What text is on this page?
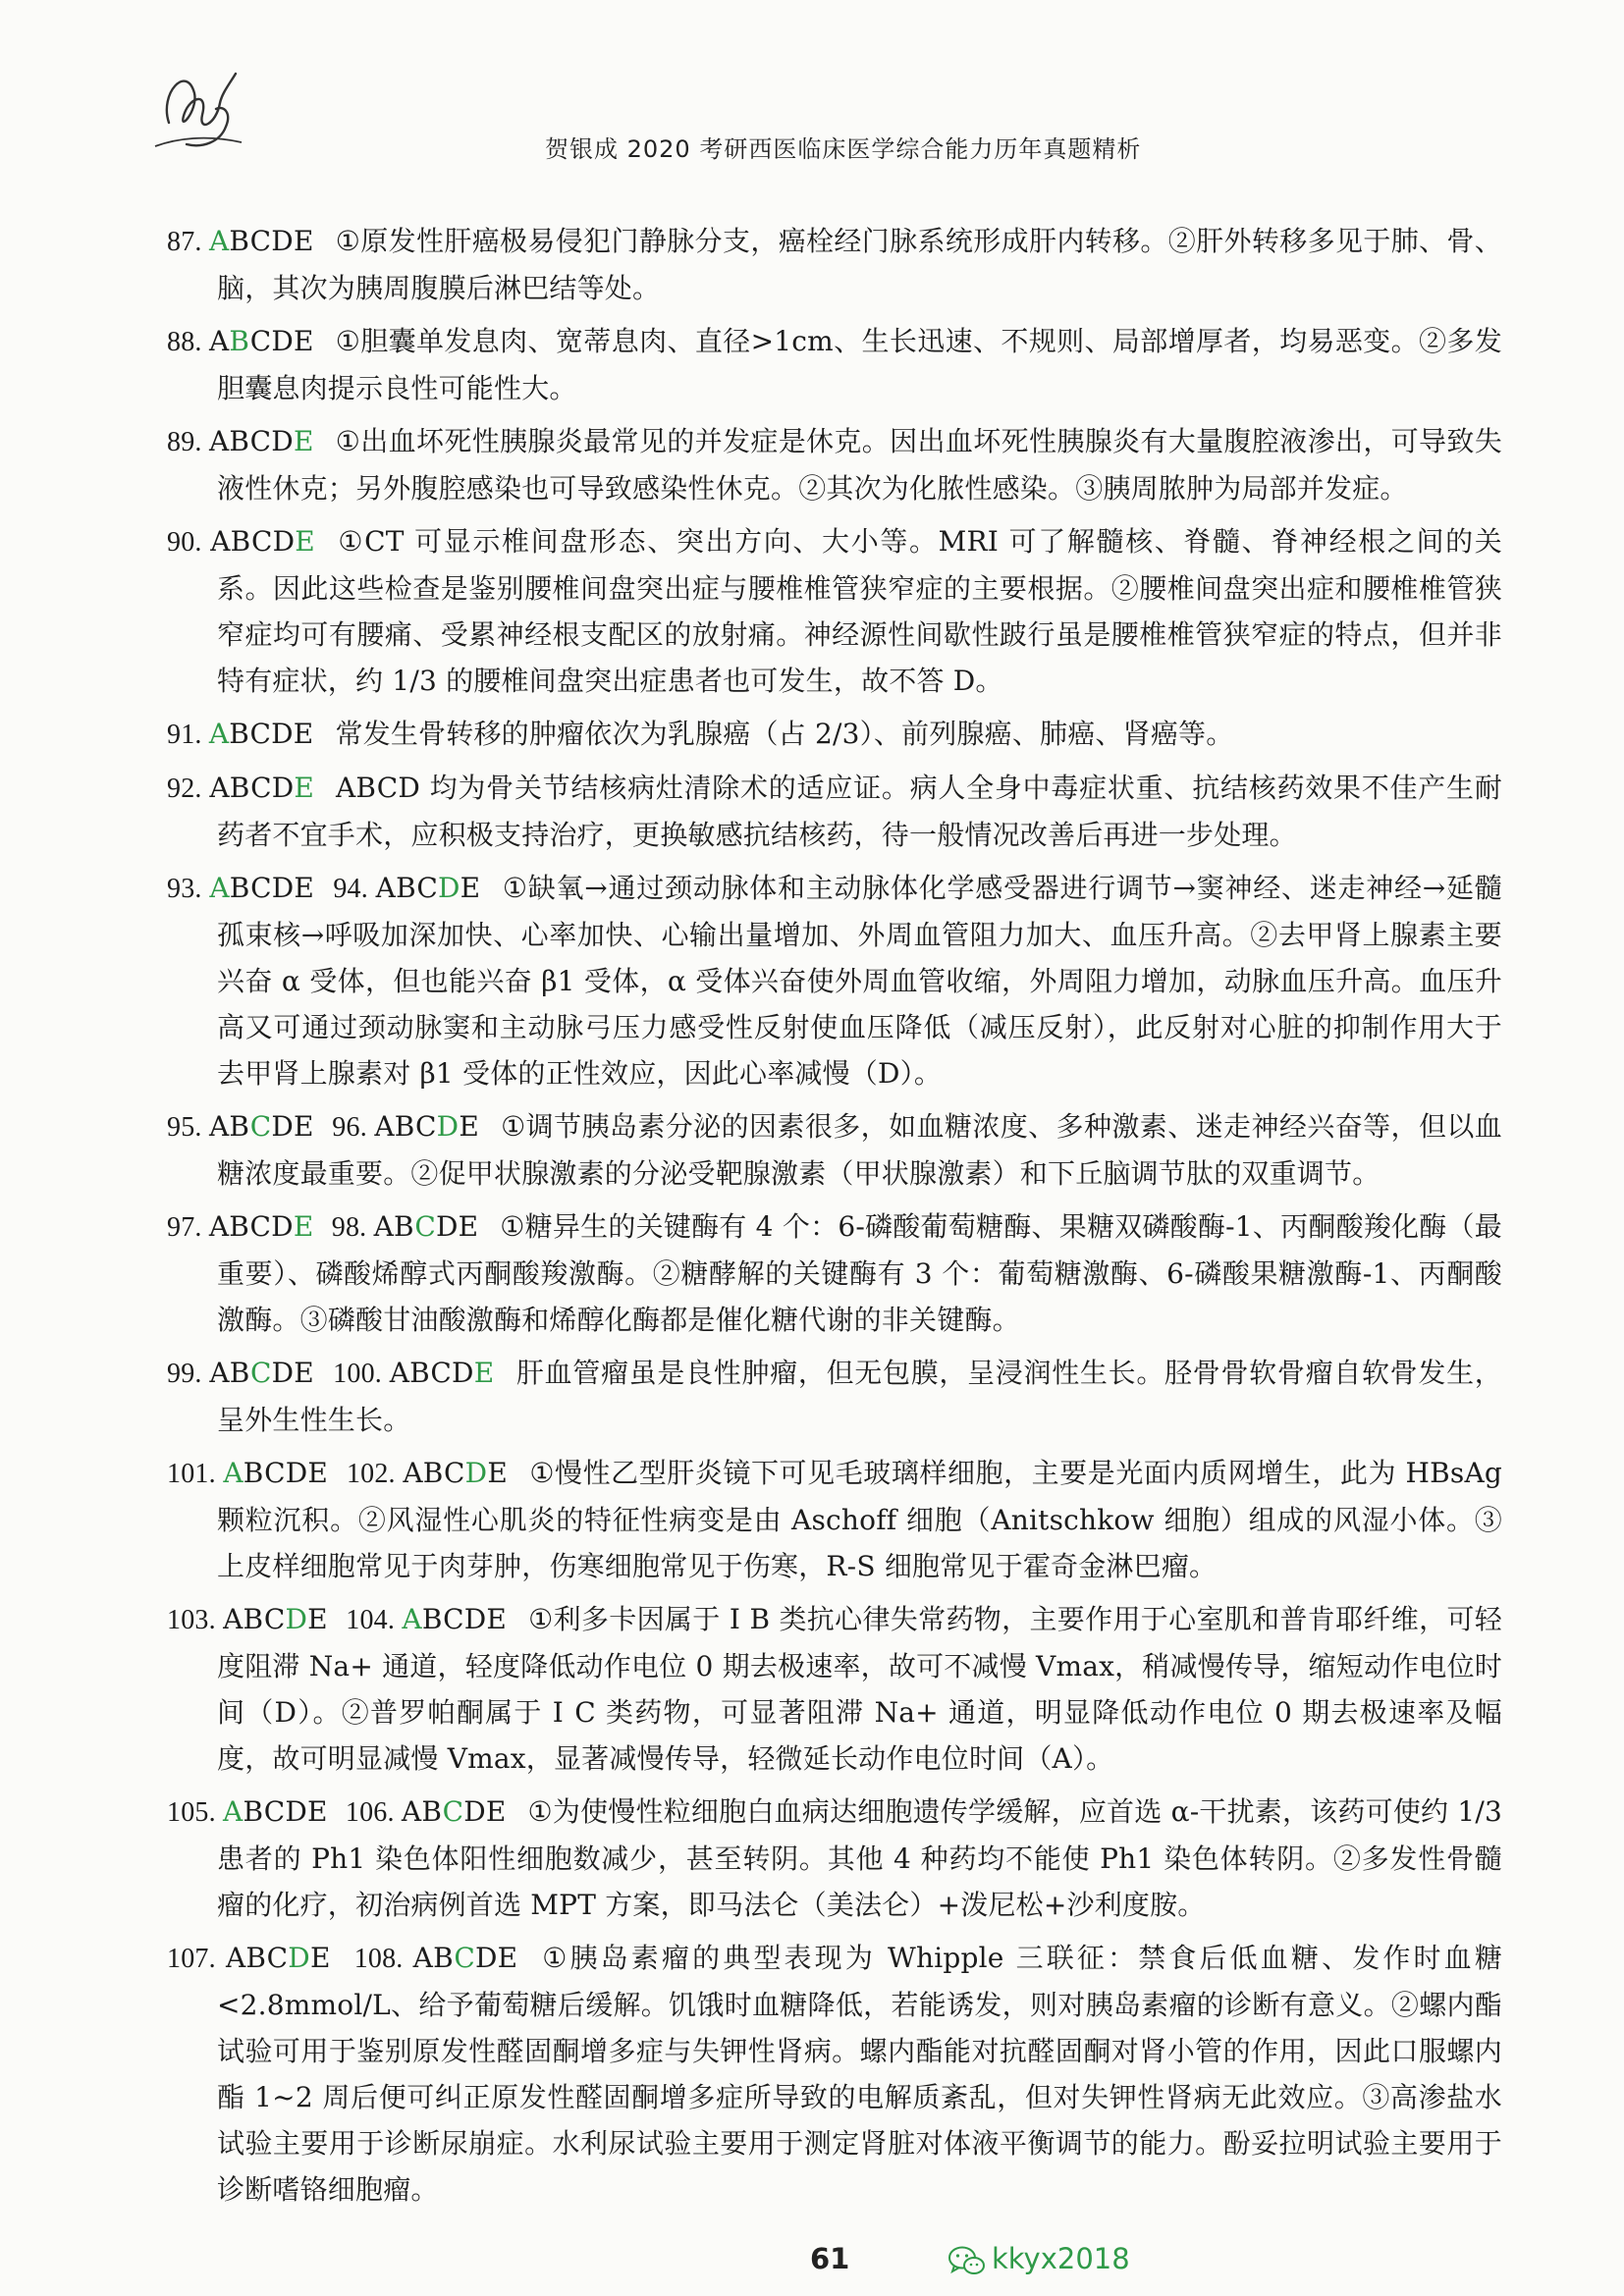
贺银成 2020 考研西医临床医学综合能力历年真题精析

87. ABCDE ①原发性肝癌极易侵犯门静脉分支，癌栓经门脉系统形成肝内转移。②肝外转移多见于肺、骨、脑，其次为胰周腹膜后淋巴结等处。

88. ABCDE ①胆囊单发息肉、宽蒂息肉、直径>1cm、生长迅速、不规则、局部增厚者，均易恶变。②多发胆囊息肉提示良性可能性大。

89. ABCDE ①出血坏死性胰腺炎最常见的并发症是休克。因出血坏死性胰腺炎有大量腹腔液渗出，可导致失液性休克；另外腹腔感染也可导致感染性休克。②其次为化脓性感染。③胰周脓肿为局部并发症。

90. ABCDE ①CT 可显示椎间盘形态、突出方向、大小等。MRI 可了解髓核、脊髓、脊神经根之间的关系。因此这些检查是鉴别腰椎间盘突出症与腰椎椎管狭窄症的主要根据。②腰椎间盘突出症和腰椎椎管狭窄症均可有腰痛、受累神经根支配区的放射痛。神经源性间歇性跛行虽是腰椎椎管狭窄症的特点，但并非特有症状，约 1/3 的腰椎间盘突出症患者也可发生，故不答 D。

91. ABCDE 常发生骨转移的肿瘤依次为乳腺癌（占 2/3）、前列腺癌、肺癌、肾癌等。

92. ABCDE ABCD 均为骨关节结核病灶清除术的适应证。病人全身中毒症状重、抗结核药效果不佳产生耐药者不宜手术，应积极支持治疗，更换敏感抗结核药，待一般情况改善后再进一步处理。

93. ABCDE 94. ABCDE ①缺氧→通过颈动脉体和主动脉体化学感受器进行调节→窦神经、迷走神经→延髓孤束核→呼吸加深加快、心率加快、心输出量增加、外周血管阻力加大、血压升高。②去甲肾上腺素主要兴奋 α 受体，但也能兴奋 β1 受体，α 受体兴奋使外周血管收缩，外周阻力增加，动脉血压升高。血压升高又可通过颈动脉窦和主动脉弓压力感受性反射使血压降低（减压反射），此反射对心脏的抑制作用大于去甲肾上腺素对 β1 受体的正性效应，因此心率减慢（D）。

95. ABCDE 96. ABCDE ①调节胰岛素分泌的因素很多，如血糖浓度、多种激素、迷走神经兴奋等，但以血糖浓度最重要。②促甲状腺激素的分泌受靶腺激素（甲状腺激素）和下丘脑调节肽的双重调节。

97. ABCDE 98. ABCDE ①糖异生的关键酶有 4 个：6-磷酸葡萄糖酶、果糖双磷酸酶-1、丙酮酸羧化酶（最重要）、磷酸烯醇式丙酮酸羧激酶。②糖酵解的关键酶有 3 个：葡萄糖激酶、6-磷酸果糖激酶-1、丙酮酸激酶。③磷酸甘油酸激酶和烯醇化酶都是催化糖代谢的非关键酶。

99. ABCDE 100. ABCDE 肝血管瘤虽是良性肿瘤，但无包膜，呈浸润性生长。胫骨骨软骨瘤自软骨发生，呈外生性生长。

101. ABCDE 102. ABCDE ①慢性乙型肝炎镜下可见毛玻璃样细胞，主要是光面内质网增生，此为 HBsAg 颗粒沉积。②风湿性心肌炎的特征性病变是由 Aschoff 细胞（Anitschkow 细胞）组成的风湿小体。③上皮样细胞常见于肉芽肿，伤寒细胞常见于伤寒，R-S 细胞常见于霍奇金淋巴瘤。

103. ABCDE 104. ABCDE ①利多卡因属于 Ⅰ B 类抗心律失常药物，主要作用于心室肌和普肯耶纤维，可轻度阻滞 Na+ 通道，轻度降低动作电位 0 期去极速率，故可不减慢 Vmax，稍减慢传导，缩短动作电位时间（D）。②普罗帕酮属于 Ⅰ C 类药物，可显著阻滞 Na+ 通道，明显降低动作电位 0 期去极速率及幅度，故可明显减慢 Vmax，显著减慢传导，轻微延长动作电位时间（A）。

105. ABCDE 106. ABCDE ①为使慢性粒细胞白血病达细胞遗传学缓解，应首选 α-干扰素，该药可使约 1/3 患者的 Ph1 染色体阳性细胞数减少，甚至转阴。其他 4 种药均不能使 Ph1 染色体转阴。②多发性骨髓瘤的化疗，初治病例首选 MPT 方案，即马法仑（美法仑）+泼尼松+沙利度胺。

107. ABCDE 108. ABCDE ①胰岛素瘤的典型表现为 Whipple 三联征：禁食后低血糖、发作时血糖<2.8mmol/L、给予葡萄糖后缓解。饥饿时血糖降低，若能诱发，则对胰岛素瘤的诊断有意义。②螺内酯试验可用于鉴别原发性醛固酮增多症与失钾性肾病。螺内酯能对抗醛固酮对肾小管的作用，因此口服螺内酯 1~2 周后便可纠正原发性醛固酮增多症所导致的电解质紊乱，但对失钾性肾病无此效应。③高渗盐水试验主要用于诊断尿崩症。水利尿试验主要用于测定肾脏对体液平衡调节的能力。酚妥拉明试验主要用于诊断嗜铬细胞瘤。

61	kkyx2018
